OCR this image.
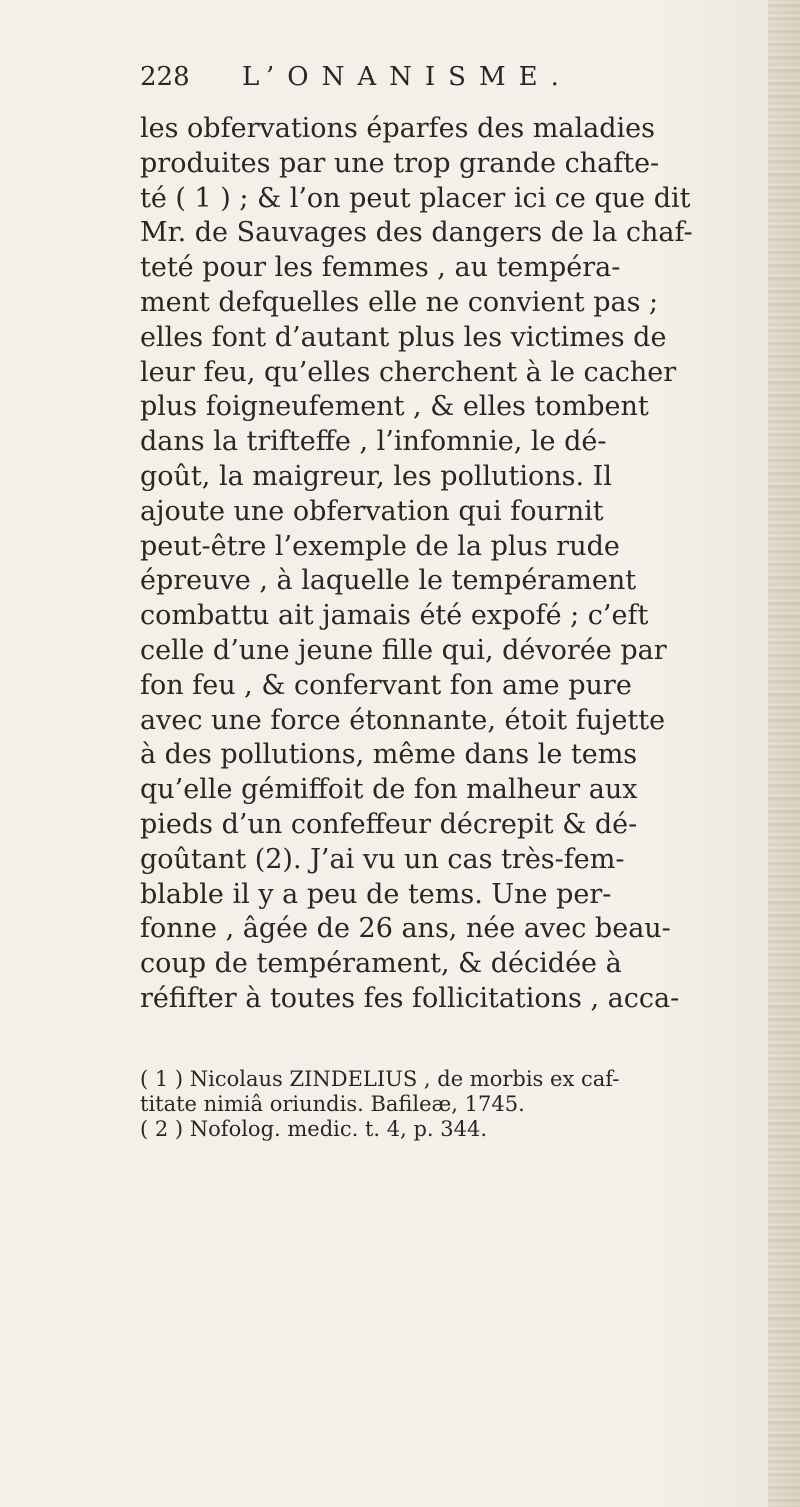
228 L’ONANISME.
les obfervations éparfes des maladies
produites par une trop grande chafte-
té ( 1 ) ; & l’on peut placer ici ce que dit
Mr. de Sauvages des dangers de la chaf-
teté pour les femmes , au tempéra-
ment defquelles elle ne convient pas ;
elles font d’autant plus les victimes de
leur feu, qu’elles cherchent à le cacher
plus foigneufement , & elles tombent
dans la trifteffe , l’infomnie, le dé-
goût, la maigreur, les pollutions. Il
ajoute une obfervation qui fournit
peut-être l’exemple de la plus rude
épreuve , à laquelle le tempérament
combattu ait jamais été expofé ; c’eft
celle d’une jeune fille qui, dévorée par
fon feu , & confervant fon ame pure
avec une force étonnante, étoit fujette
à des pollutions, même dans le tems
qu’elle gémiffoit de fon malheur aux
pieds d’un confeffeur décrepit & dé-
goûtant (2). J’ai vu un cas très-fem-
blable il y a peu de tems. Une per-
fonne , âgée de 26 ans, née avec beau-
coup de tempérament, & décidée à
réfifter à toutes fes follicitations , acca-
( 1 ) Nicolaus ZINDELIUS , de morbis ex caf-
titate nimiâ oriundis. Bafileæ, 1745.
( 2 ) Nofolog. medic. t. 4, p. 344.
